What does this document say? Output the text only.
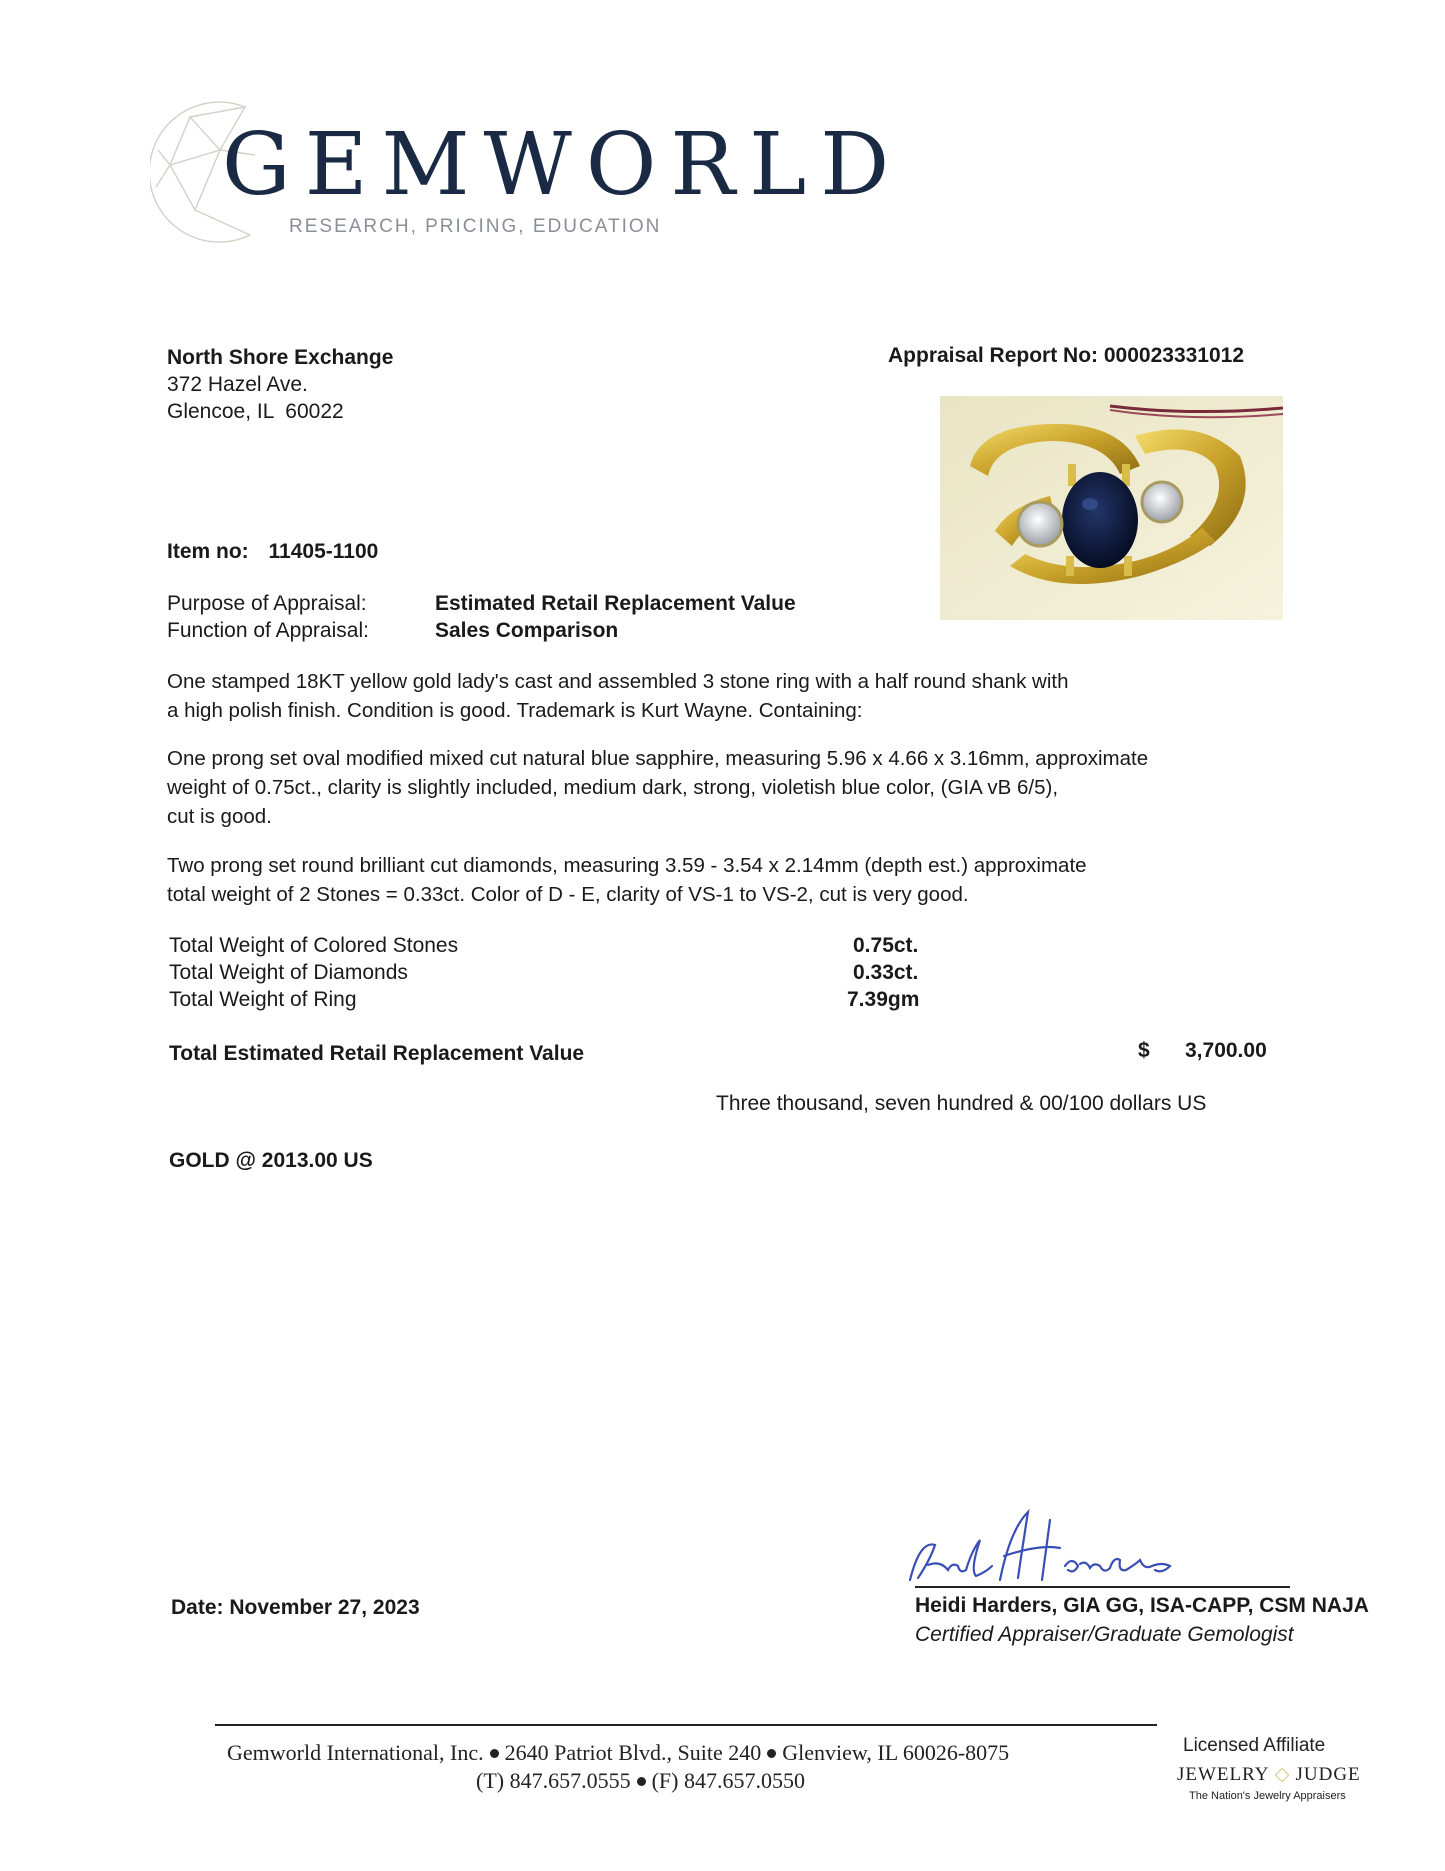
GEMWORLD
RESEARCH, PRICING, EDUCATION
North Shore Exchange
372 Hazel Ave.
Glencoe, IL  60022
Appraisal Report No: 000023331012
Item no: 11405-1100
Purpose of Appraisal:	Estimated Retail Replacement Value
Function of Appraisal:	Sales Comparison
One stamped 18KT yellow gold lady's cast and assembled 3 stone ring with a half round shank with
a high polish finish. Condition is good. Trademark is Kurt Wayne. Containing:
One prong set oval modified mixed cut natural blue sapphire, measuring 5.96 x 4.66 x 3.16mm, approximate
weight of 0.75ct., clarity is slightly included, medium dark, strong, violetish blue color, (GIA vB 6/5),
cut is good.
Two prong set round brilliant cut diamonds, measuring 3.59 - 3.54 x 2.14mm (depth est.) approximate
total weight of 2 Stones = 0.33ct. Color of D - E, clarity of VS-1 to VS-2, cut is very good.
Total Weight of Colored Stones	0.75ct.
Total Weight of Diamonds	0.33ct.
Total Weight of Ring	7.39gm
Total Estimated Retail Replacement Value	$ 3,700.00
Three thousand, seven hundred & 00/100 dollars US
GOLD @ 2013.00 US
Date: November 27, 2023	Heidi Harders, GIA GG, ISA-CAPP, CSM NAJA
Certified Appraiser/Graduate Gemologist
Gemworld International, Inc. 2640 Patriot Blvd., Suite 240 Glenview, IL 60026-8075
(T) 847.657.0555 (F) 847.657.0550
Licensed Affiliate
JEWELRY ◇ JUDGE
The Nation's Jewelry Appraisers
